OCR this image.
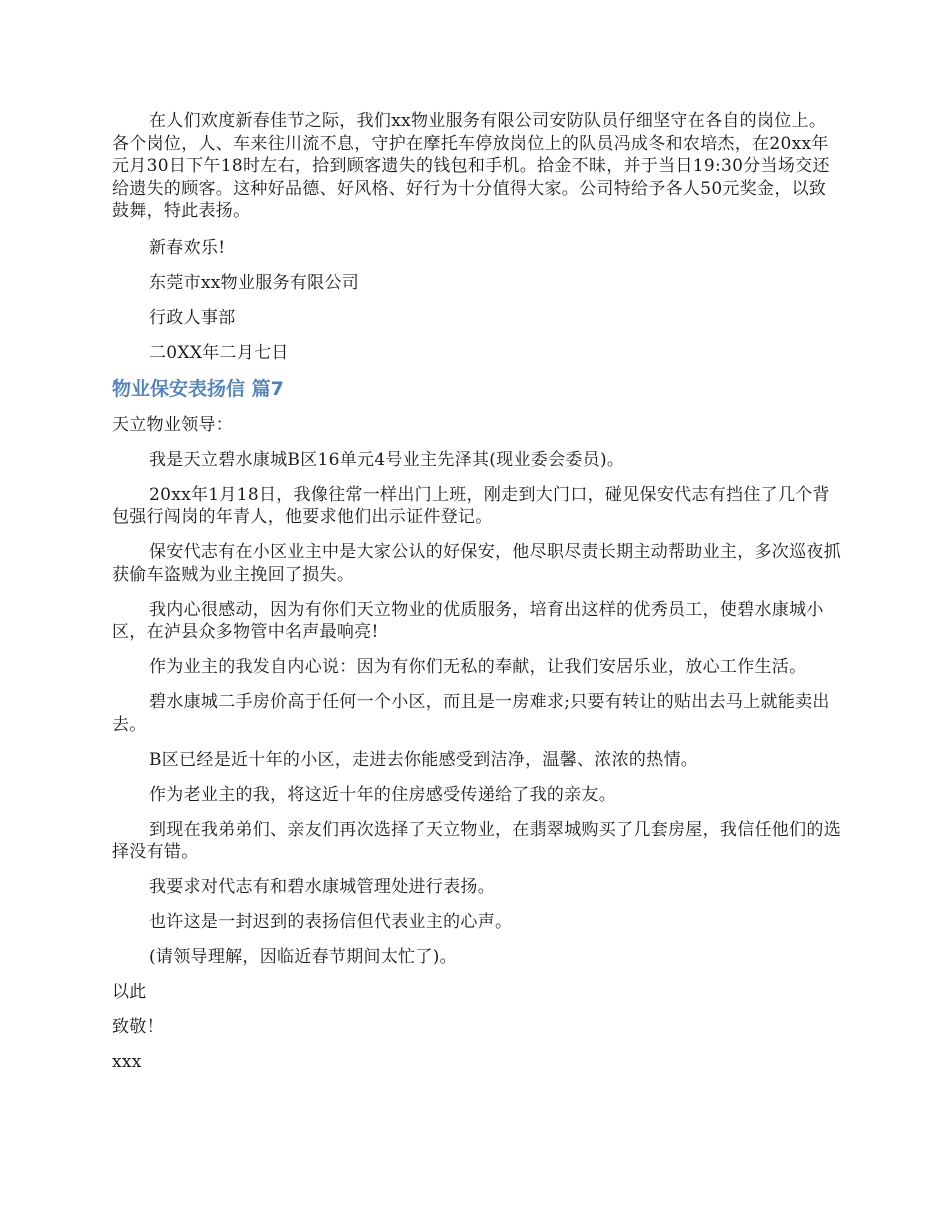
在人们欢度新春佳节之际，我们xx物业服务有限公司安防队员仔细坚守在各自的岗位上。各个岗位，人、车来往川流不息，守护在摩托车停放岗位上的队员冯成冬和农培杰，在20xx年元月30日下午18时左右，拾到顾客遗失的钱包和手机。拾金不昧，并于当日19:30分当场交还给遗失的顾客。这种好品德、好风格、好行为十分值得大家。公司特给予各人50元奖金，以致鼓舞，特此表扬。

新春欢乐!

东莞市xx物业服务有限公司

行政人事部

二0XX年二月七日

物业保安表扬信 篇7

天立物业领导：

我是天立碧水康城B区16单元4号业主先泽其(现业委会委员)。

20xx年1月18日，我像往常一样出门上班，刚走到大门口，碰见保安代志有挡住了几个背包强行闯岗的年青人，他要求他们出示证件登记。

保安代志有在小区业主中是大家公认的好保安，他尽职尽责长期主动帮助业主，多次巡夜抓获偷车盗贼为业主挽回了损失。

我内心很感动，因为有你们天立物业的优质服务，培育出这样的优秀员工，使碧水康城小区，在泸县众多物管中名声最响亮!

作为业主的我发自内心说：因为有你们无私的奉献，让我们安居乐业，放心工作生活。

碧水康城二手房价高于任何一个小区，而且是一房难求;只要有转让的贴出去马上就能卖出去。

B区已经是近十年的小区，走进去你能感受到洁净，温馨、浓浓的热情。

作为老业主的我，将这近十年的住房感受传递给了我的亲友。

到现在我弟弟们、亲友们再次选择了天立物业，在翡翠城购买了几套房屋，我信任他们的选择没有错。

我要求对代志有和碧水康城管理处进行表扬。

也许这是一封迟到的表扬信但代表业主的心声。

(请领导理解，因临近春节期间太忙了)。

以此

致敬！

xxx
